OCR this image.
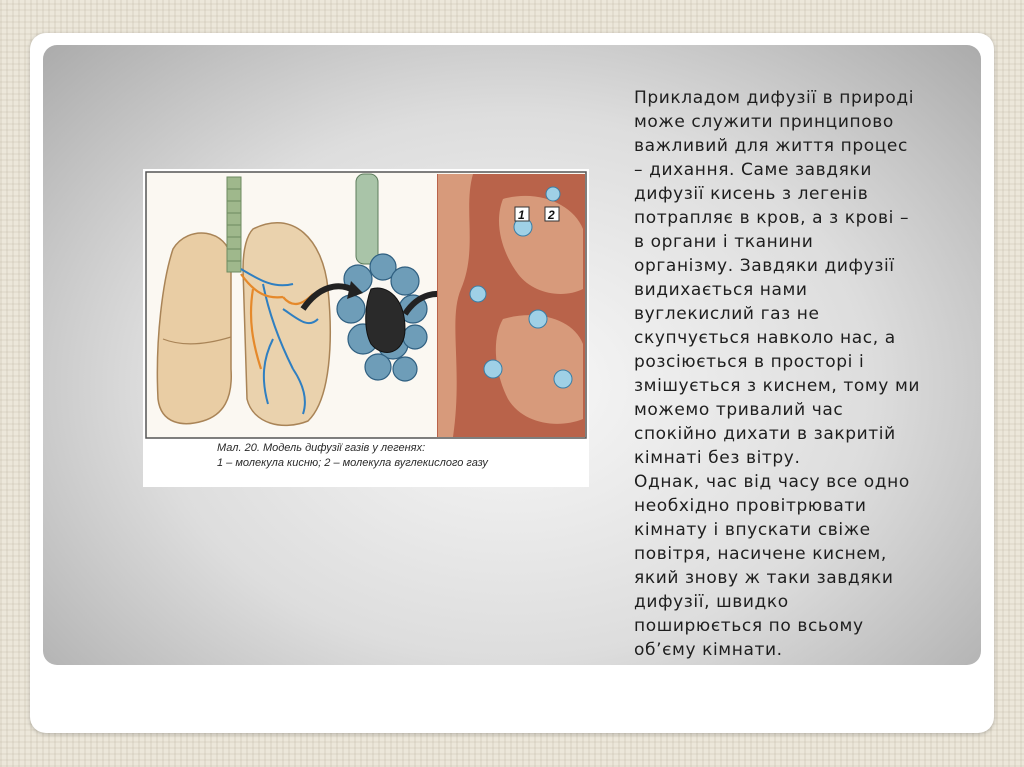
1 2
Мал. 20. Модель дифузії газів у легенях:
1 – молекула кисню; 2 – молекула вуглекислого газу
Прикладом дифузії в природі
може служити принципово
важливий для життя процес
– дихання. Саме завдяки
дифузії кисень з легенів
потрапляє в кров, а з крові –
в органи і тканини
організму. Завдяки дифузії
видихається нами
вуглекислий газ не
скупчується навколо нас, а
розсіюється в просторі і
змішується з киснем, тому ми
можемо тривалий час
спокійно дихати в закритій
кімнаті без вітру.
Однак, час від часу все одно
необхідно провітрювати
кімнату і впускати свіже
повітря, насичене киснем,
який знову ж таки завдяки
дифузії, швидко
поширюється по всьому
об’єму кімнати.
